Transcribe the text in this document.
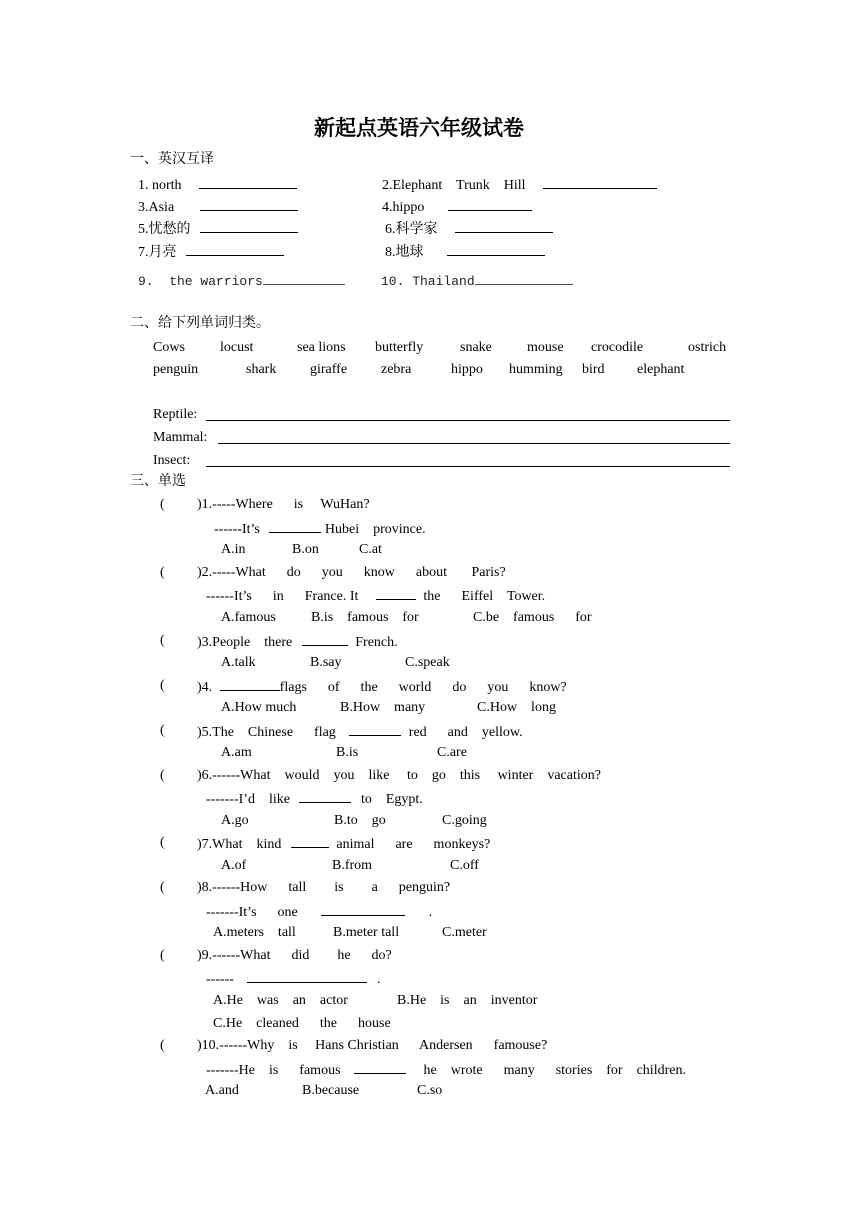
新起点英语六年级试卷
一、英汉互译
1. north	2.Elephant    Trunk    Hill
3.Asia	4.hippo
5.忧愁的	6.科学家
7.月亮	8.地球
9.  the warriors	10. Thailand
二、给下列单词归类。
Cows	locust	sea lions butterfly	snake	mouse crocodile	ostrich
penguin	shark giraffe zebra	hippo humming bird elephant
Reptile:
Mammal:
Insect:
三、单选
( )1.-----Where      is     WuHan?
------It’s	Hubei    province.
A.in	B.on	C.at
( )2.-----What      do      you      know      about       Paris?
------It’s      in      France. It	the      Eiffel    Tower.
A.famous	B.is    famous    for	C.be    famous      for
( )3.People    there	French.
A.talk	B.say	C.speak
( )4.	flags      of      the      world      do      you      know?
A.How much	B.How    many	C.How    long
( )5.The    Chinese      flag	red      and    yellow.
A.am	B.is	C.are
( )6.------What    would    you    like     to    go    this     winter    vacation?
-------I’d    like	to    Egypt.
A.go	B.to    go	C.going
( )7.What    kind	animal      are      monkeys?
A.of	B.from	C.off
( )8.------How      tall        is        a      penguin?
-------It’s      one	.
A.meters    tall	B.meter tall	C.meter
( )9.------What      did        he      do?
------	.
A.He    was    an    actor	B.He    is    an    inventor
C.He    cleaned      the      house
( )10.------Why    is     Hans Christian      Andersen      famouse?
-------He    is      famous	he    wrote      many      stories    for    children.
A.and	B.because	C.so
